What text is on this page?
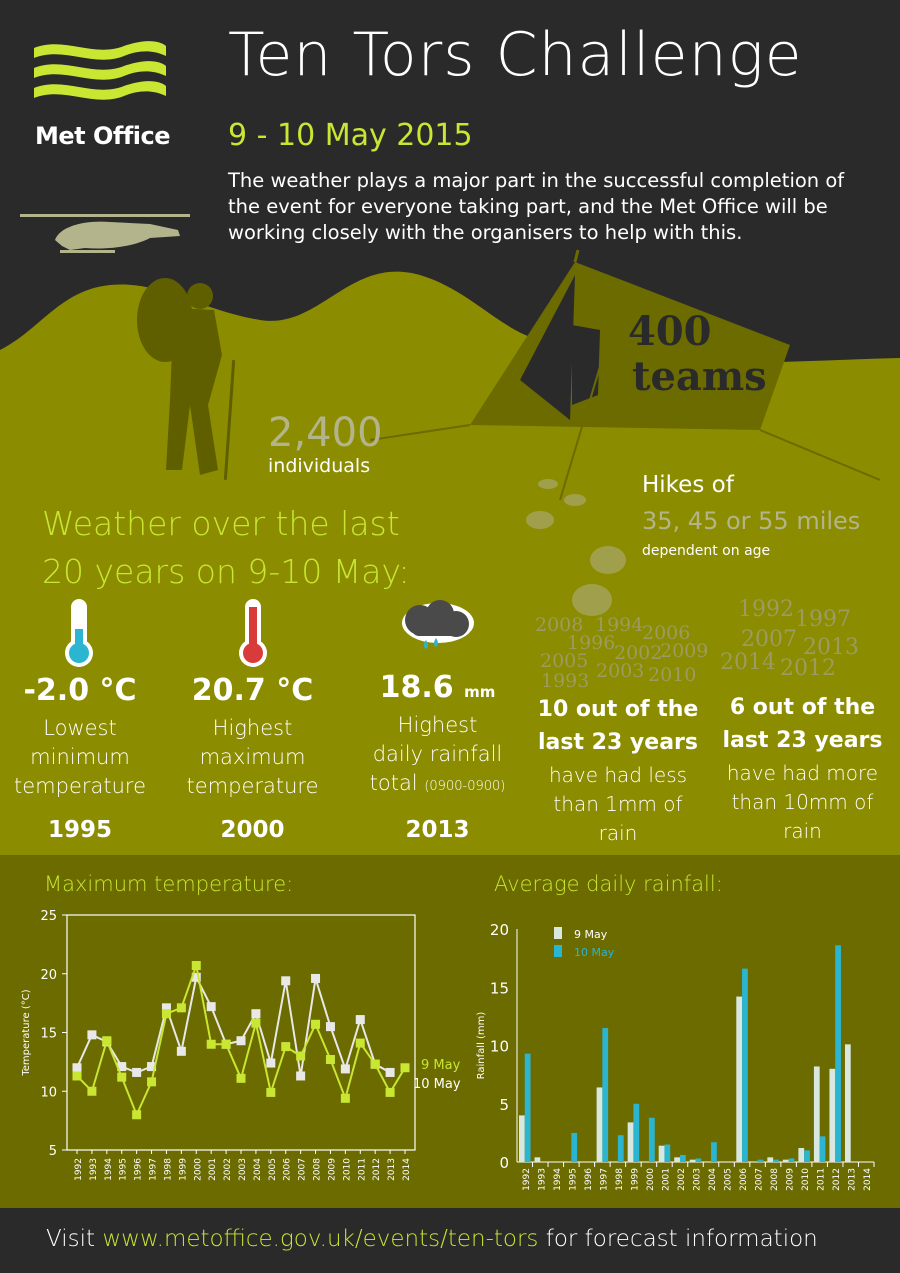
Met Office
Ten Tors Challenge
9 - 10 May 2015
The weather plays a major part in the successful completion of the event for everyone taking part, and the Met Office will be working closely with the organisers to help with this.
400
teams
2,400
individuals
Hikes of
35, 45 or 55 miles
dependent on age
Weather over the last
20 years on 9-10 May:
-2.0 °C
Lowest
minimum
temperature
1995
20.7 °C
Highest
maximum
temperature
2000
18.6 mm
Highest
daily rainfall
total (0900-0900)
2013
2008 1994
2006
1996
2002
2009
2005 2003 2010
1993
1992 1997
2007 2013
2014 2012
10 out of the
last 23 years
have had less
than 1mm of
rain
6 out of the
last 23 years
have had more
than 10mm of
rain
Maximum temperature:	Average daily rainfall:
5
10
15
20
25
1992 1993 1994 1995 1996 1997 1998 1999 2000 2001 2002 2003 2004 2005 2006 2007 2008 2009 2010 2011 2012 2013 2014
Temperature (°C)	9 May
10 May
0
5
10
15
20
Rainfall (mm)
1992 1993 1994 1995 1996 1997 1998 1999 2000 2001 2002 2003 2004 2005 2006 2007 2008 2009 2010 2011 2012 2013 2014
9 May
10 May
Visit www.metoffice.gov.uk/events/ten-tors for forecast information
